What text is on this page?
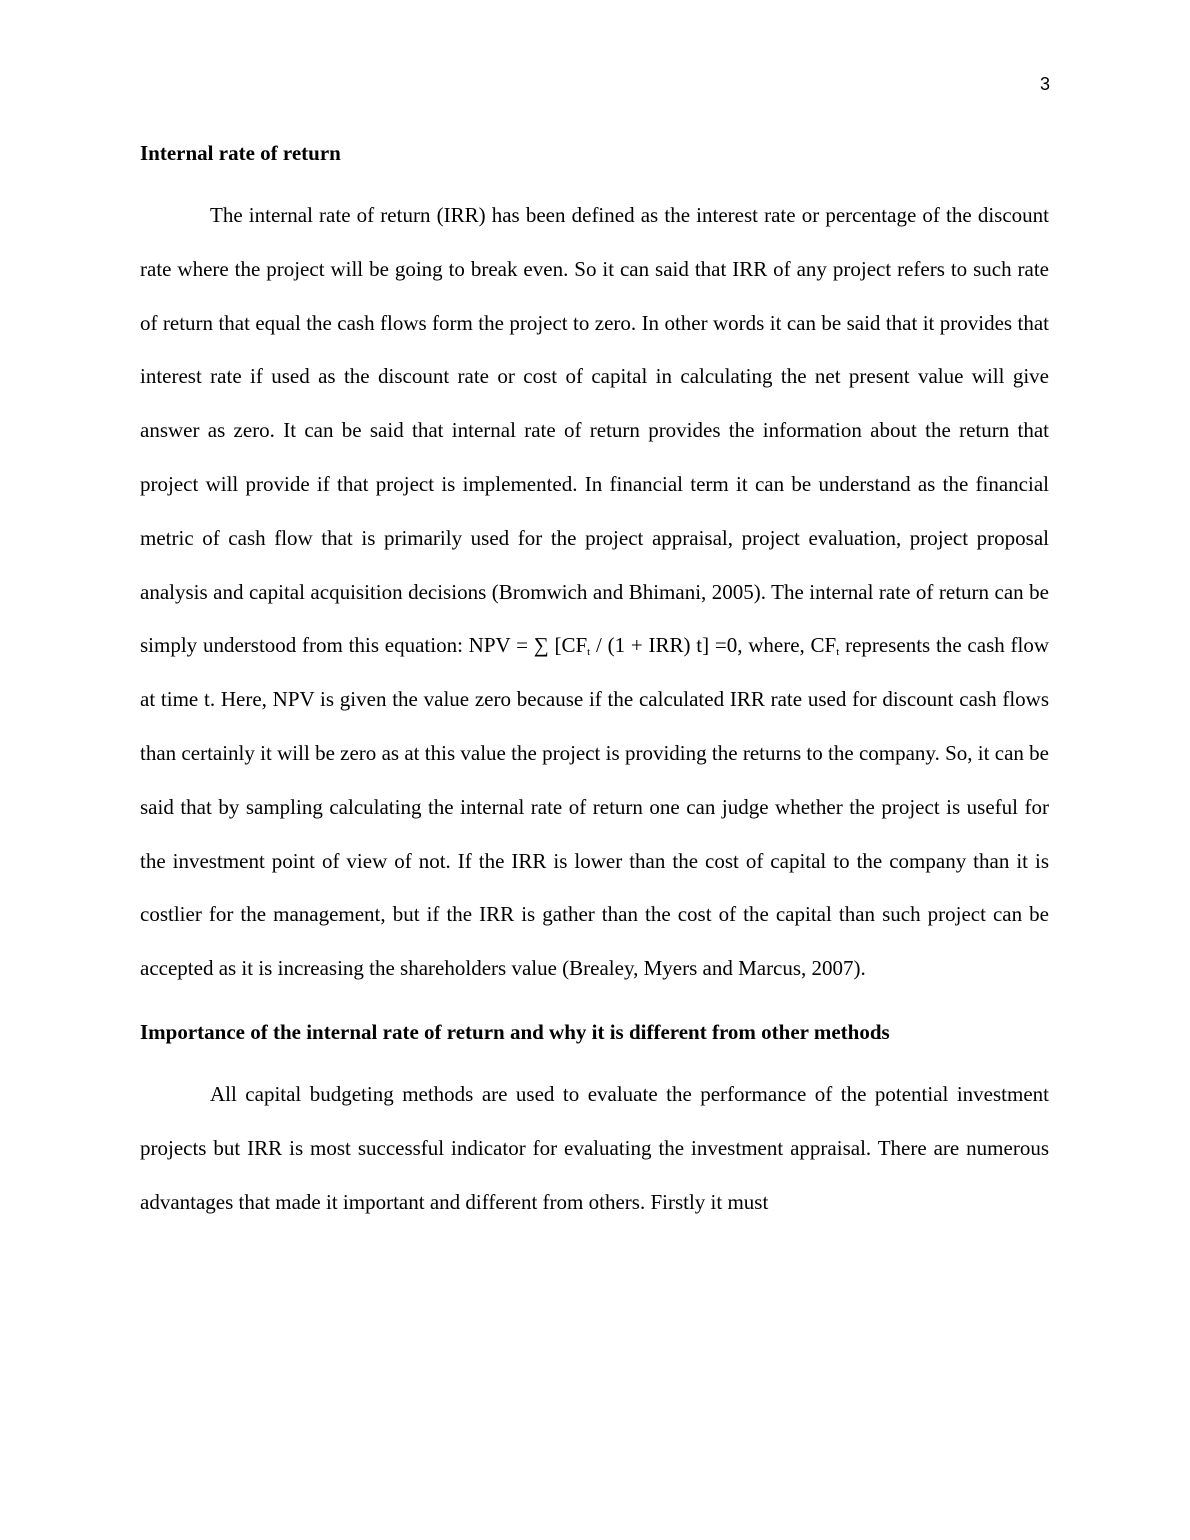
3
Internal rate of return

The internal rate of return (IRR) has been defined as the interest rate or percentage of the discount rate where the project will be going to break even. So it can said that IRR of any project refers to such rate of return that equal the cash flows form the project to zero. In other words it can be said that it provides that interest rate if used as the discount rate or cost of capital in calculating the net present value will give answer as zero. It can be said that internal rate of return provides the information about the return that project will provide if that project is implemented. In financial term it can be understand as the financial metric of cash flow that is primarily used for the project appraisal, project evaluation, project proposal analysis and capital acquisition decisions (Bromwich and Bhimani, 2005). The internal rate of return can be simply understood from this equation: NPV = ∑ [$CF_t / (1 + IRR)$ t] =0, where, $CF_t$ represents the cash flow at time t. Here, NPV is given the value zero because if the calculated IRR rate used for discount cash flows than certainly it will be zero as at this value the project is providing the returns to the company. So, it can be said that by sampling calculating the internal rate of return one can judge whether the project is useful for the investment point of view of not. If the IRR is lower than the cost of capital to the company than it is costlier for the management, but if the IRR is gather than the cost of the capital than such project can be accepted as it is increasing the shareholders value (Brealey, Myers and Marcus, 2007).

Importance of the internal rate of return and why it is different from other methods

All capital budgeting methods are used to evaluate the performance of the potential investment projects but IRR is most successful indicator for evaluating the investment appraisal. There are numerous advantages that made it important and different from others. Firstly it must
